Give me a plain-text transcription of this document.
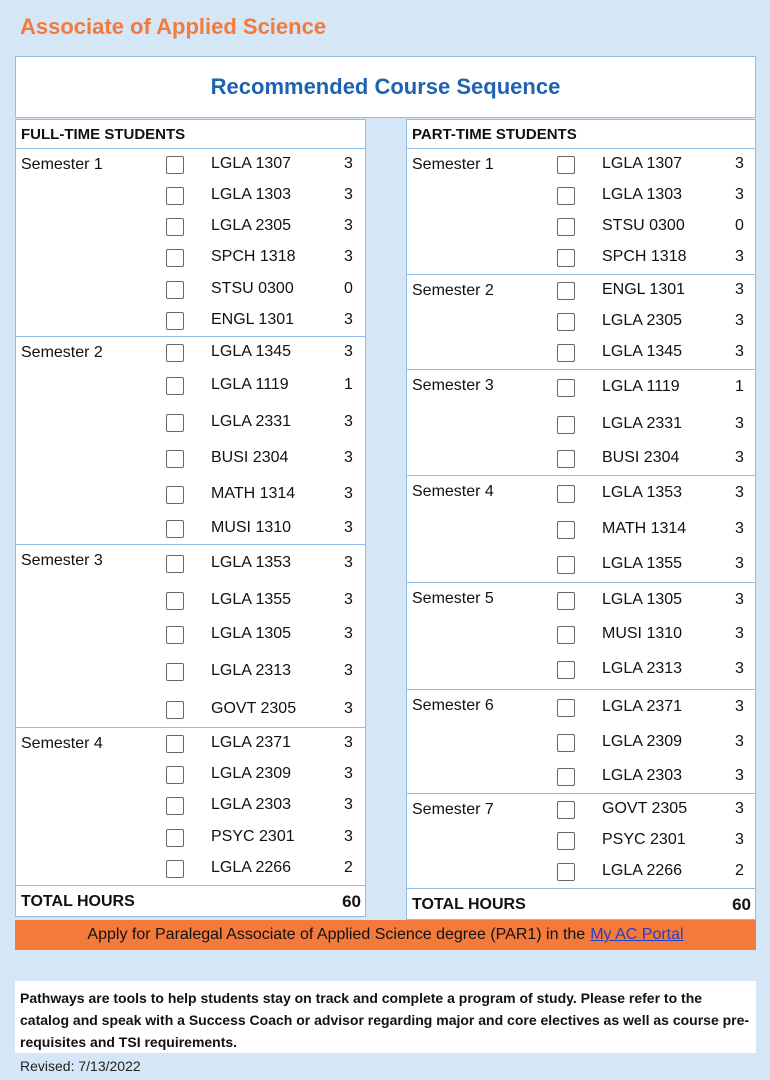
Associate of Applied Science
Recommended Course Sequence
FULL-TIME STUDENTS
Semester 1	LGLA 1307	3
LGLA 1303	3
LGLA 2305	3
SPCH 1318	3
STSU 0300	0
ENGL 1301	3
Semester 2	LGLA 1345	3
LGLA 1119	1
LGLA 2331	3
BUSI 2304	3
MATH 1314	3
MUSI 1310	3
Semester 3	LGLA 1353	3
LGLA 1355	3
LGLA 1305	3
LGLA 2313	3
GOVT 2305	3
Semester 4	LGLA 2371	3
LGLA 2309	3
LGLA 2303	3
PSYC 2301	3
LGLA 2266	2
TOTAL HOURS	60
PART-TIME STUDENTS
Semester 1	LGLA 1307	3
LGLA 1303	3
STSU 0300	0
SPCH 1318	3
Semester 2	ENGL 1301	3
LGLA 2305	3
LGLA 1345	3
Semester 3	LGLA 1119	1
LGLA 2331	3
BUSI 2304	3
Semester 4	LGLA 1353	3
MATH 1314	3
LGLA 1355	3
Semester 5	LGLA 1305	3
MUSI 1310	3
LGLA 2313	3
Semester 6	LGLA 2371	3
LGLA 2309	3
LGLA 2303	3
Semester 7	GOVT 2305	3
PSYC 2301	3
LGLA 2266	2
TOTAL HOURS	60
Apply for Paralegal Associate of Applied Science degree (PAR1) in the My AC Portal
Pathways are tools to help students stay on track and complete a program of study. Please refer to the catalog and speak with a Success Coach or advisor regarding major and core electives as well as course pre-requisites and TSI requirements.
Revised: 7/13/2022
